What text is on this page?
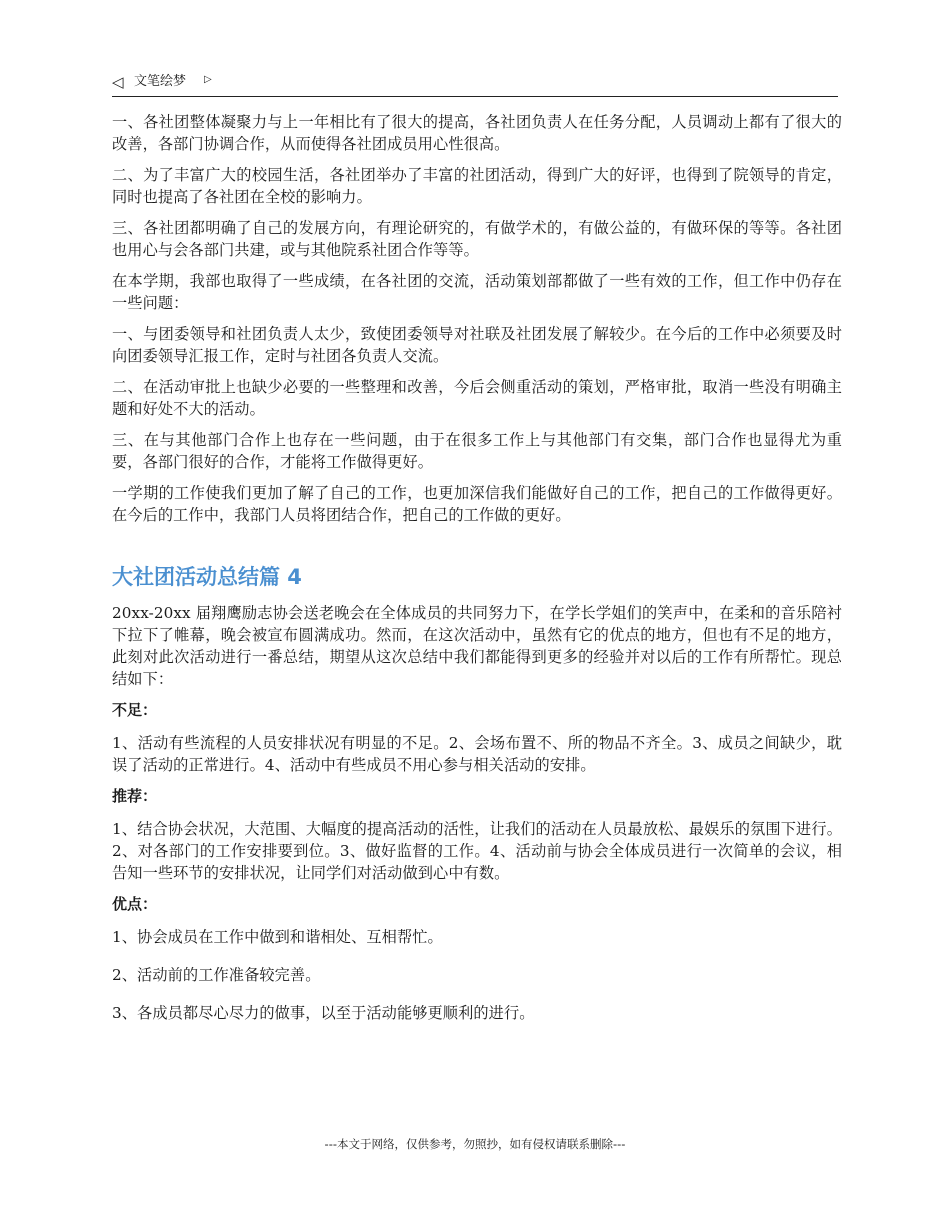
◁ 文笔绘梦 ▷

一、各社团整体凝聚力与上一年相比有了很大的提高，各社团负责人在任务分配，人员调动上都有了很大的改善，各部门协调合作，从而使得各社团成员用心性很高。

二、为了丰富广大的校园生活，各社团举办了丰富的社团活动，得到广大的好评，也得到了院领导的肯定，同时也提高了各社团在全校的影响力。

三、各社团都明确了自己的发展方向，有理论研究的，有做学术的，有做公益的，有做环保的等等。各社团也用心与会各部门共建，或与其他院系社团合作等等。

在本学期，我部也取得了一些成绩，在各社团的交流，活动策划部都做了一些有效的工作，但工作中仍存在一些问题：

一、与团委领导和社团负责人太少，致使团委领导对社联及社团发展了解较少。在今后的工作中必须要及时向团委领导汇报工作，定时与社团各负责人交流。

二、在活动审批上也缺少必要的一些整理和改善，今后会侧重活动的策划，严格审批，取消一些没有明确主题和好处不大的活动。

三、在与其他部门合作上也存在一些问题，由于在很多工作上与其他部门有交集，部门合作也显得尤为重要，各部门很好的合作，才能将工作做得更好。

一学期的工作使我们更加了解了自己的工作，也更加深信我们能做好自己的工作，把自己的工作做得更好。在今后的工作中，我部门人员将团结合作，把自己的工作做的更好。

大社团活动总结篇 4

20xx-20xx 届翔鹰励志协会送老晚会在全体成员的共同努力下，在学长学姐们的笑声中，在柔和的音乐陪衬下拉下了帷幕，晚会被宣布圆满成功。然而，在这次活动中，虽然有它的优点的地方，但也有不足的地方，此刻对此次活动进行一番总结，期望从这次总结中我们都能得到更多的经验并对以后的工作有所帮忙。现总结如下：

不足：

1、活动有些流程的人员安排状况有明显的不足。2、会场布置不、所的物品不齐全。3、成员之间缺少，耽误了活动的正常进行。4、活动中有些成员不用心参与相关活动的安排。

推荐：

1、结合协会状况，大范围、大幅度的提高活动的活性，让我们的活动在人员最放松、最娱乐的氛围下进行。2、对各部门的工作安排要到位。3、做好监督的工作。4、活动前与协会全体成员进行一次简单的会议，相告知一些环节的安排状况，让同学们对活动做到心中有数。

优点：

1、协会成员在工作中做到和谐相处、互相帮忙。

2、活动前的工作准备较完善。

3、各成员都尽心尽力的做事，以至于活动能够更顺利的进行。

---本文于网络，仅供参考，勿照抄，如有侵权请联系删除---
